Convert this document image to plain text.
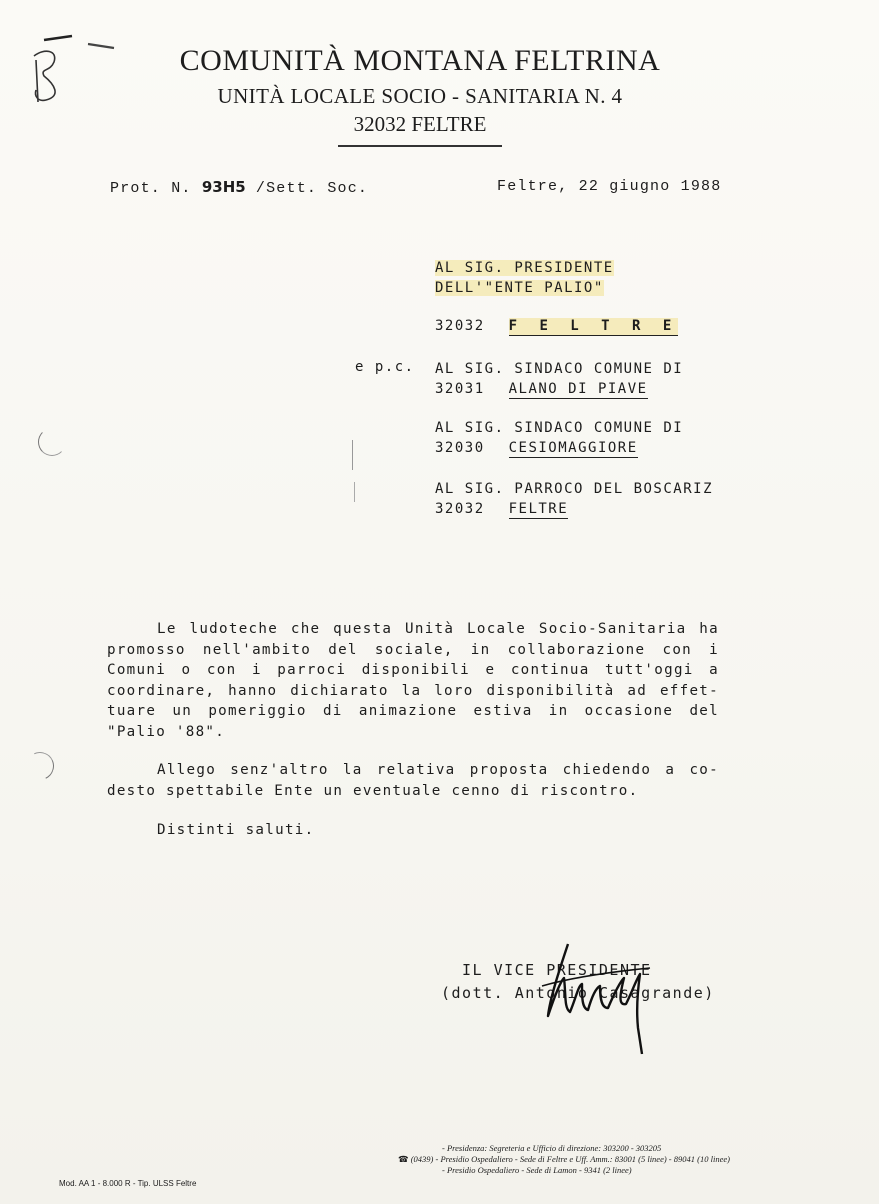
COMUNITÀ MONTANA FELTRINA
UNITÀ LOCALE SOCIO - SANITARIA N. 4
32032 FELTRE
Prot. N. 93H5 /Sett. Soc.	Feltre, 22 giugno 1988
AL SIG. PRESIDENTE
DELL'"ENTE PALIO"
32032 F E L T R E
e p.c. AL SIG. SINDACO COMUNE DI
32031 ALANO DI PIAVE
AL SIG. SINDACO COMUNE DI
32030 CESIOMAGGIORE
AL SIG. PARROCO DEL BOSCARIZ
32032 FELTRE
Le ludoteche che questa Unità Locale Socio-Sanitaria ha promosso nell'ambito del sociale, in collaborazione con i Comuni o con i parroci disponibili e continua tutt'oggi a coordinare, hanno dichiarato la loro disponibilità ad effet- tuare un pomeriggio di animazione estiva in occasione del "Palio '88".
Allego senz'altro la relativa proposta chiedendo a co- desto spettabile Ente un eventuale cenno di riscontro.
Distinti saluti.
IL VICE PRESIDENTE
(dott. Antonio Casagrande)
- Presidenza: Segreteria e Ufficio di direzione: 303200 - 303205
☎ (0439) - Presidio Ospedaliero - Sede di Feltre e Uff. Amm.: 83001 (5 linee) - 89041 (10 linee)
- Presidio Ospedaliero - Sede di Lamon - 9341 (2 linee)
Mod. AA 1 - 8.000 R - Tip. ULSS Feltre
